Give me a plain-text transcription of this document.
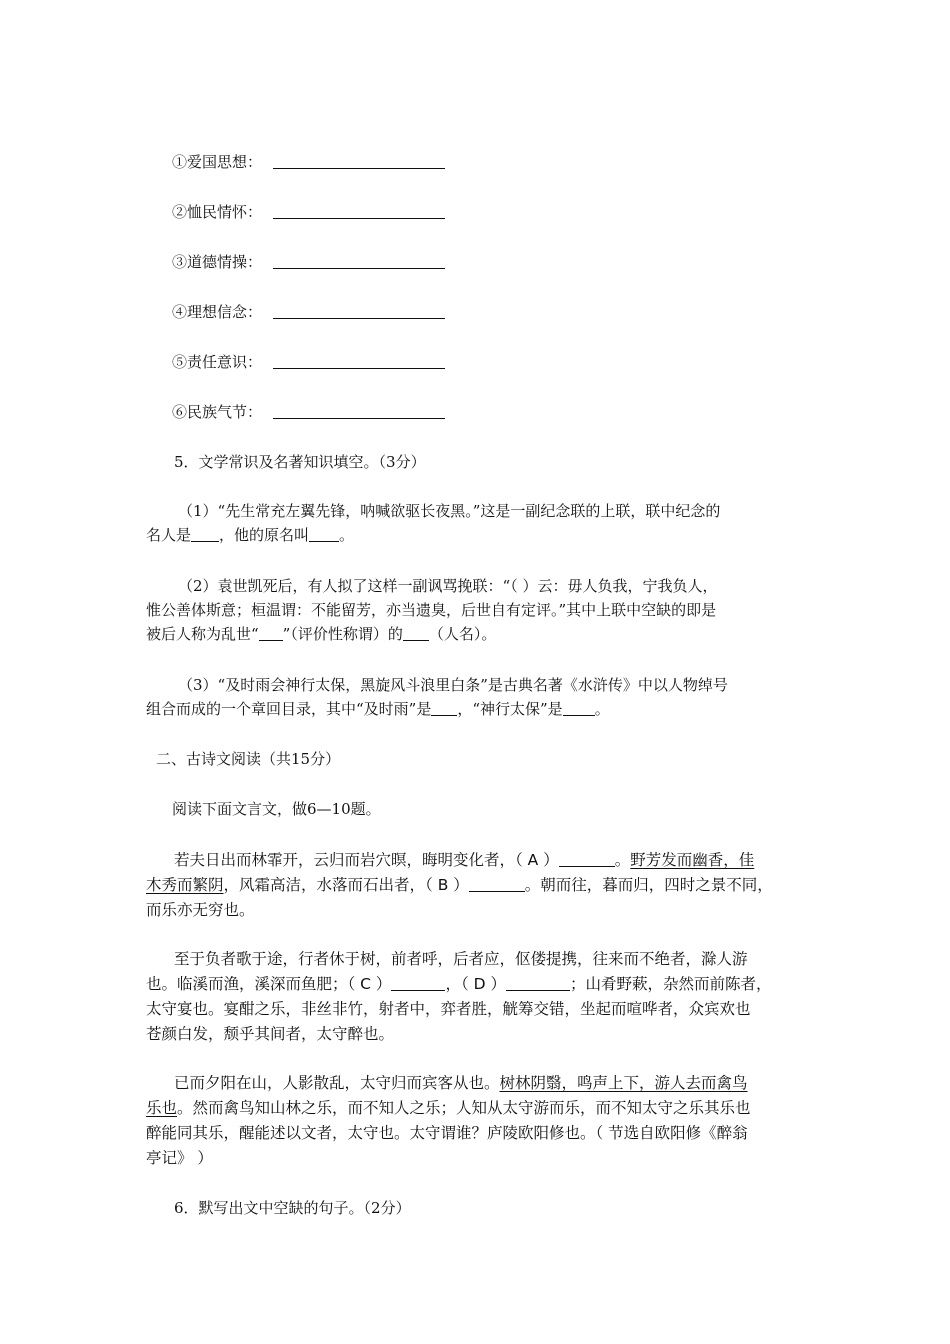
①爱国思想：
②恤民情怀：
③道德情操：
④理想信念：
⑤责任意识：
⑥民族气节：
5．文学常识及名著知识填空。（3分）
（1）“先生常充左翼先锋，呐喊欲驱长夜黑。”这是一副纪念联的上联，联中纪念的
名人是 ，他的原名叫 。
（2）袁世凯死后，有人拟了这样一副讽骂挽联：“（ ）云：毋人负我，宁我负人，
惟公善体斯意；桓温谓：不能留芳，亦当遗臭，后世自有定评。”其中上联中空缺的即是
被后人称为乱世“ ”（评价性称谓）的 （人名）。
（3）“及时雨会神行太保，黑旋风斗浪里白条”是古典名著《水浒传》中以人物绰号
组合而成的一个章回目录，其中“及时雨”是 ，“神行太保”是 。
二、古诗文阅读（共15分）
阅读下面文言文，做6—10题。
若夫日出而林霏开，云归而岩穴暝，晦明变化者，（ A ）	。野芳发而幽香，佳
木秀而繁阴，风霜高洁，水落而石出者，（ B ）	。朝而往，暮而归，四时之景不同，
而乐亦无穷也。
至于负者歌于途，行者休于树，前者呼，后者应，伛偻提携，往来而不绝者，滁人游
也。临溪而渔，溪深而鱼肥；（ C ）	，（ D ）	；山肴野蔌，杂然而前陈者，
太守宴也。宴酣之乐，非丝非竹，射者中，弈者胜，觥筹交错，坐起而喧哗者，众宾欢也
苍颜白发，颓乎其间者，太守醉也。
已而夕阳在山，人影散乱，太守归而宾客从也。树林阴翳，鸣声上下，游人去而禽鸟
乐也。然而禽鸟知山林之乐，而不知人之乐；人知从太守游而乐，而不知太守之乐其乐也
醉能同其乐，醒能述以文者，太守也。太守谓谁？庐陵欧阳修也。（ 节选自欧阳修《醉翁
亭记》 ）
6．默写出文中空缺的句子。（2分）
